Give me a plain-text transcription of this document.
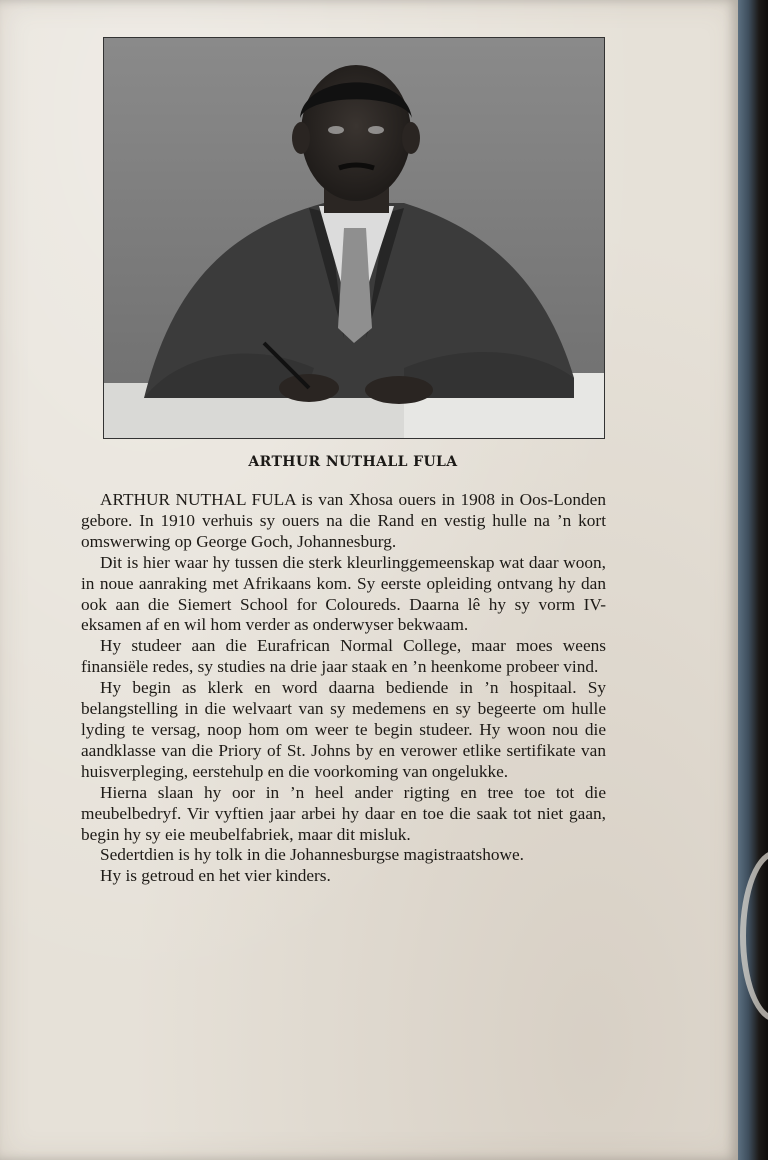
ARTHUR NUTHALL FULA

ARTHUR NUTHAL FULA is van Xhosa ouers in 1908 in Oos-Londen gebore. In 1910 verhuis sy ouers na die Rand en vestig hulle na ’n kort omswerwing op George Goch, Johannesburg.

Dit is hier waar hy tussen die sterk kleurlinggemeenskap wat daar woon, in noue aanraking met Afrikaans kom. Sy eerste opleiding ontvang hy dan ook aan die Siemert School for Coloureds. Daarna lê hy sy vorm IV-eksamen af en wil hom verder as onderwyser bekwaam.

Hy studeer aan die Eurafrican Normal College, maar moes weens finansiële redes, sy studies na drie jaar staak en ’n heenkome probeer vind.

Hy begin as klerk en word daarna bediende in ’n hospitaal. Sy belangstelling in die welvaart van sy medemens en sy begeerte om hulle lyding te versag, noop hom om weer te begin studeer. Hy woon nou die aandklasse van die Priory of St. Johns by en verower etlike sertifikate van huisverpleging, eerstehulp en die voorkoming van ongelukke.

Hierna slaan hy oor in ’n heel ander rigting en tree toe tot die meubelbedryf. Vir vyftien jaar arbei hy daar en toe die saak tot niet gaan, begin hy sy eie meubelfabriek, maar dit misluk.

Sedertdien is hy tolk in die Johannesburgse magistraatshowe.

Hy is getroud en het vier kinders.
